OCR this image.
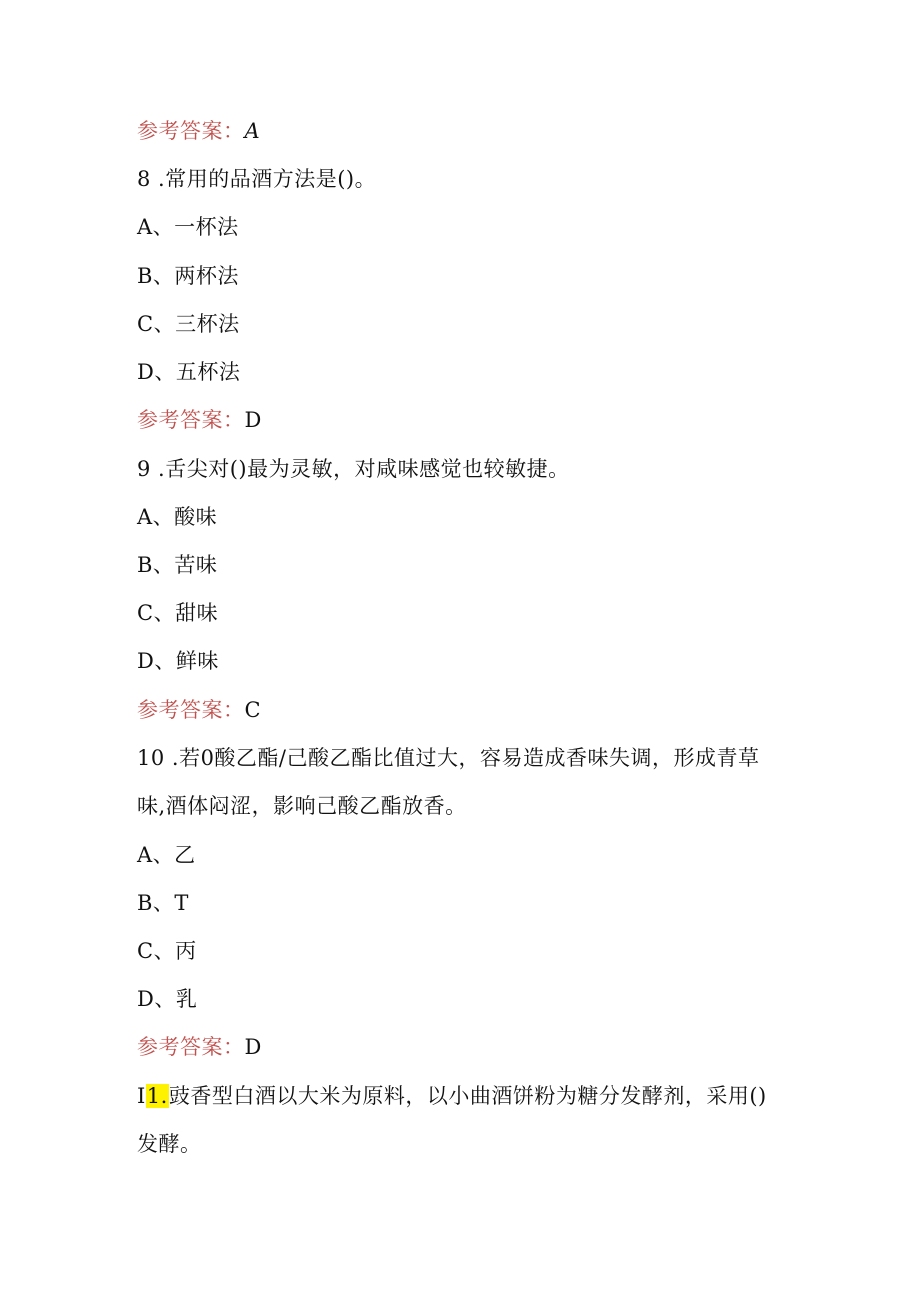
参考答案：A
8 .常用的品酒方法是()。
A、一杯法
B、两杯法
C、三杯法
D、五杯法
参考答案：D
9 .舌尖对()最为灵敏，对咸味感觉也较敏捷。
A、酸味
B、苦味
C、甜味
D、鲜味
参考答案：C
10 .若0酸乙酯/己酸乙酯比值过大，容易造成香味失调，形成青草
味,酒体闷涩，影响己酸乙酯放香。
A、乙
B、T
C、丙
D、乳
参考答案：D
I1.豉香型白酒以大米为原料，以小曲酒饼粉为糖分发酵剂，采用()
发酵。
